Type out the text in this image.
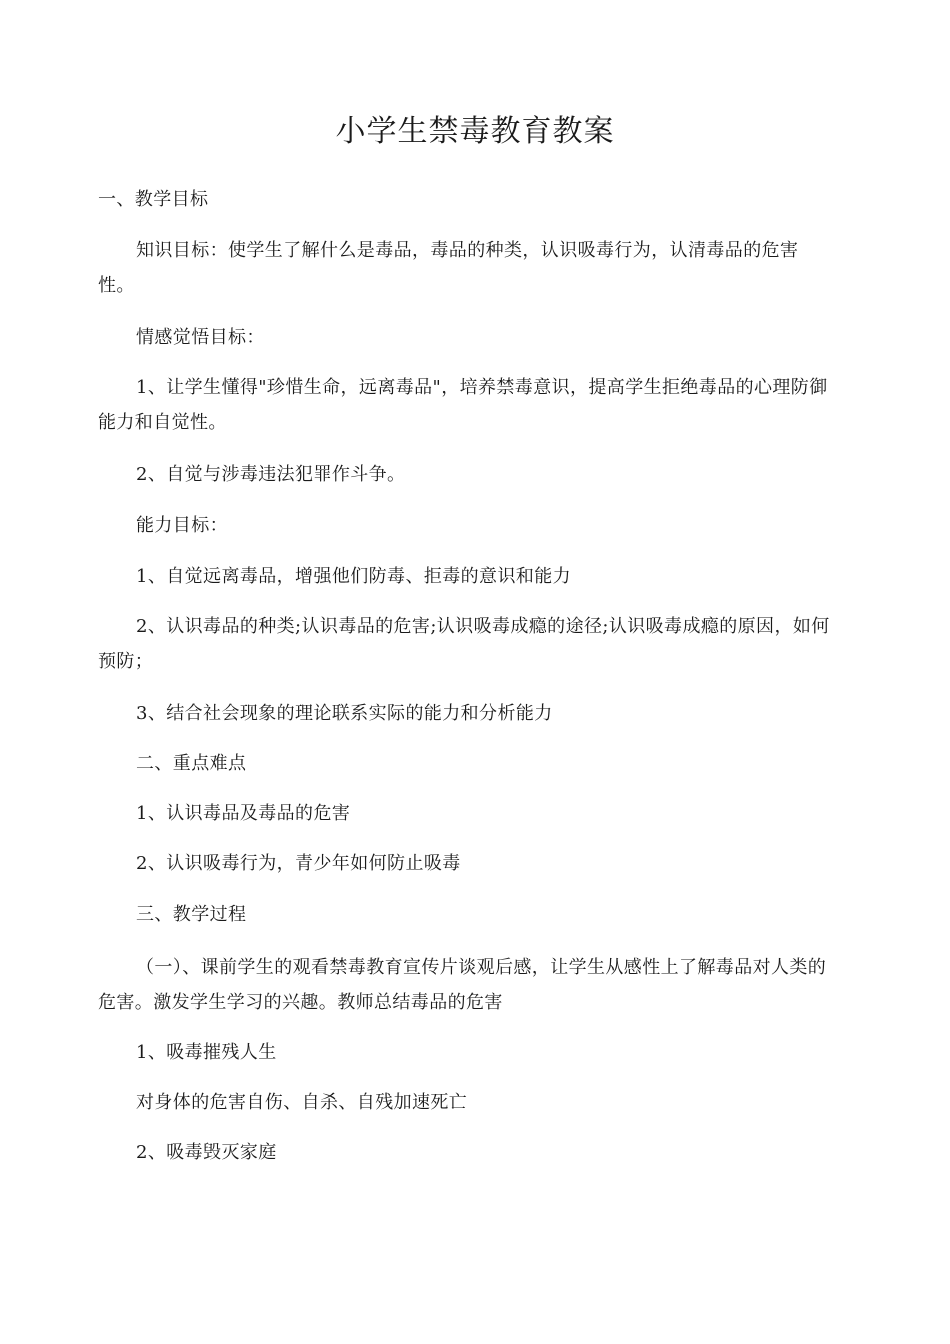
小学生禁毒教育教案

一、教学目标

知识目标：使学生了解什么是毒品，毒品的种类，认识吸毒行为，认清毒品的危害性。

情感觉悟目标：

1、让学生懂得"珍惜生命，远离毒品"，培养禁毒意识，提高学生拒绝毒品的心理防御能力和自觉性。

2、自觉与涉毒违法犯罪作斗争。

能力目标：

1、自觉远离毒品，增强他们防毒、拒毒的意识和能力

2、认识毒品的种类;认识毒品的危害;认识吸毒成瘾的途径;认识吸毒成瘾的原因，如何预防；

3、结合社会现象的理论联系实际的能力和分析能力

二、重点难点

1、认识毒品及毒品的危害

2、认识吸毒行为，青少年如何防止吸毒

三、教学过程

（一）、课前学生的观看禁毒教育宣传片谈观后感，让学生从感性上了解毒品对人类的危害。激发学生学习的兴趣。教师总结毒品的危害

1、吸毒摧残人生

对身体的危害自伤、自杀、自残加速死亡

2、吸毒毁灭家庭
